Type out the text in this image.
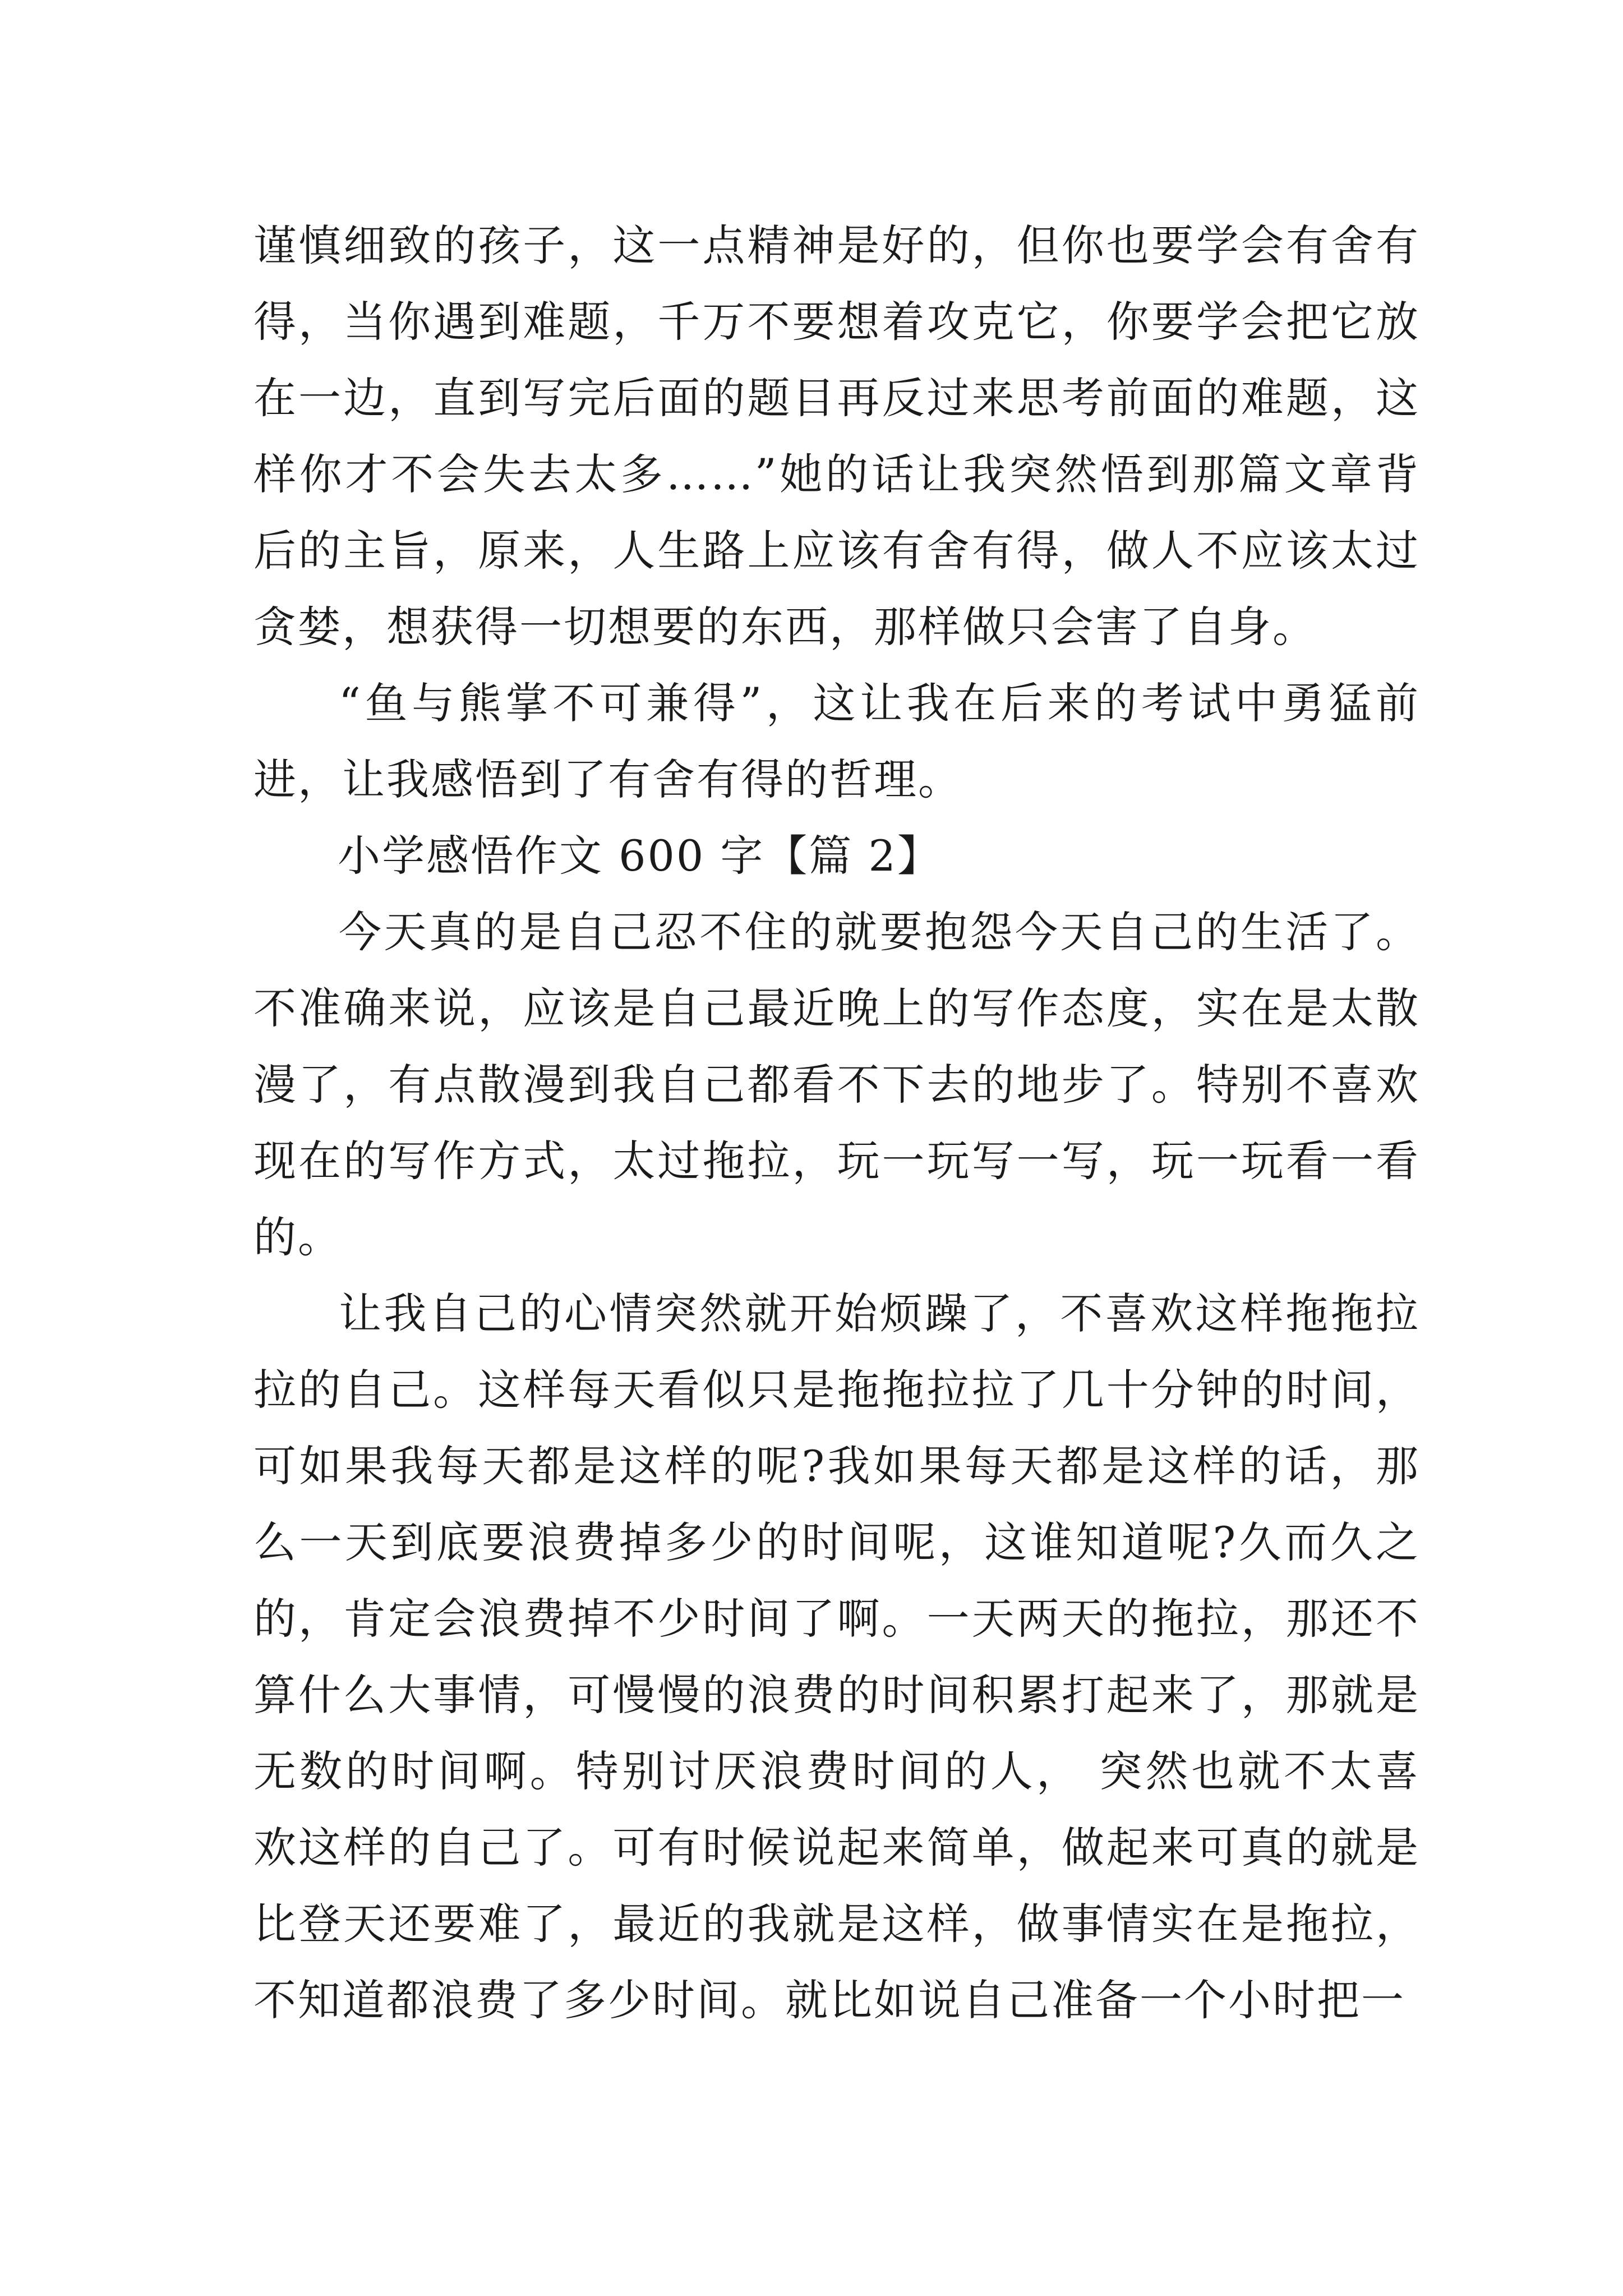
谨慎细致的孩子，这一点精神是好的，但你也要学会有舍有得，当你遇到难题，千万不要想着攻克它，你要学会把它放在一边，直到写完后面的题目再反过来思考前面的难题，这样你才不会失去太多……”她的话让我突然悟到那篇文章背后的主旨，原来，人生路上应该有舍有得，做人不应该太过贪婪，想获得一切想要的东西，那样做只会害了自身。

“鱼与熊掌不可兼得”，这让我在后来的考试中勇猛前进，让我感悟到了有舍有得的哲理。

小学感悟作文 600 字【篇 2】

今天真的是自己忍不住的就要抱怨今天自己的生活了。不准确来说，应该是自己最近晚上的写作态度，实在是太散漫了，有点散漫到我自己都看不下去的地步了。特别不喜欢现在的写作方式，太过拖拉，玩一玩写一写，玩一玩看一看的。

让我自己的心情突然就开始烦躁了，不喜欢这样拖拖拉拉的自己。这样每天看似只是拖拖拉拉了几十分钟的时间，可如果我每天都是这样的呢?我如果每天都是这样的话，那么一天到底要浪费掉多少的时间呢，这谁知道呢?久而久之的，肯定会浪费掉不少时间了啊。一天两天的拖拉，那还不算什么大事情，可慢慢的浪费的时间积累打起来了，那就是无数的时间啊。特别讨厌浪费时间的人， 突然也就不太喜欢这样的自己了。可有时候说起来简单，做起来可真的就是比登天还要难了，最近的我就是这样，做事情实在是拖拉，不知道都浪费了多少时间。就比如说自己准备一个小时把一
